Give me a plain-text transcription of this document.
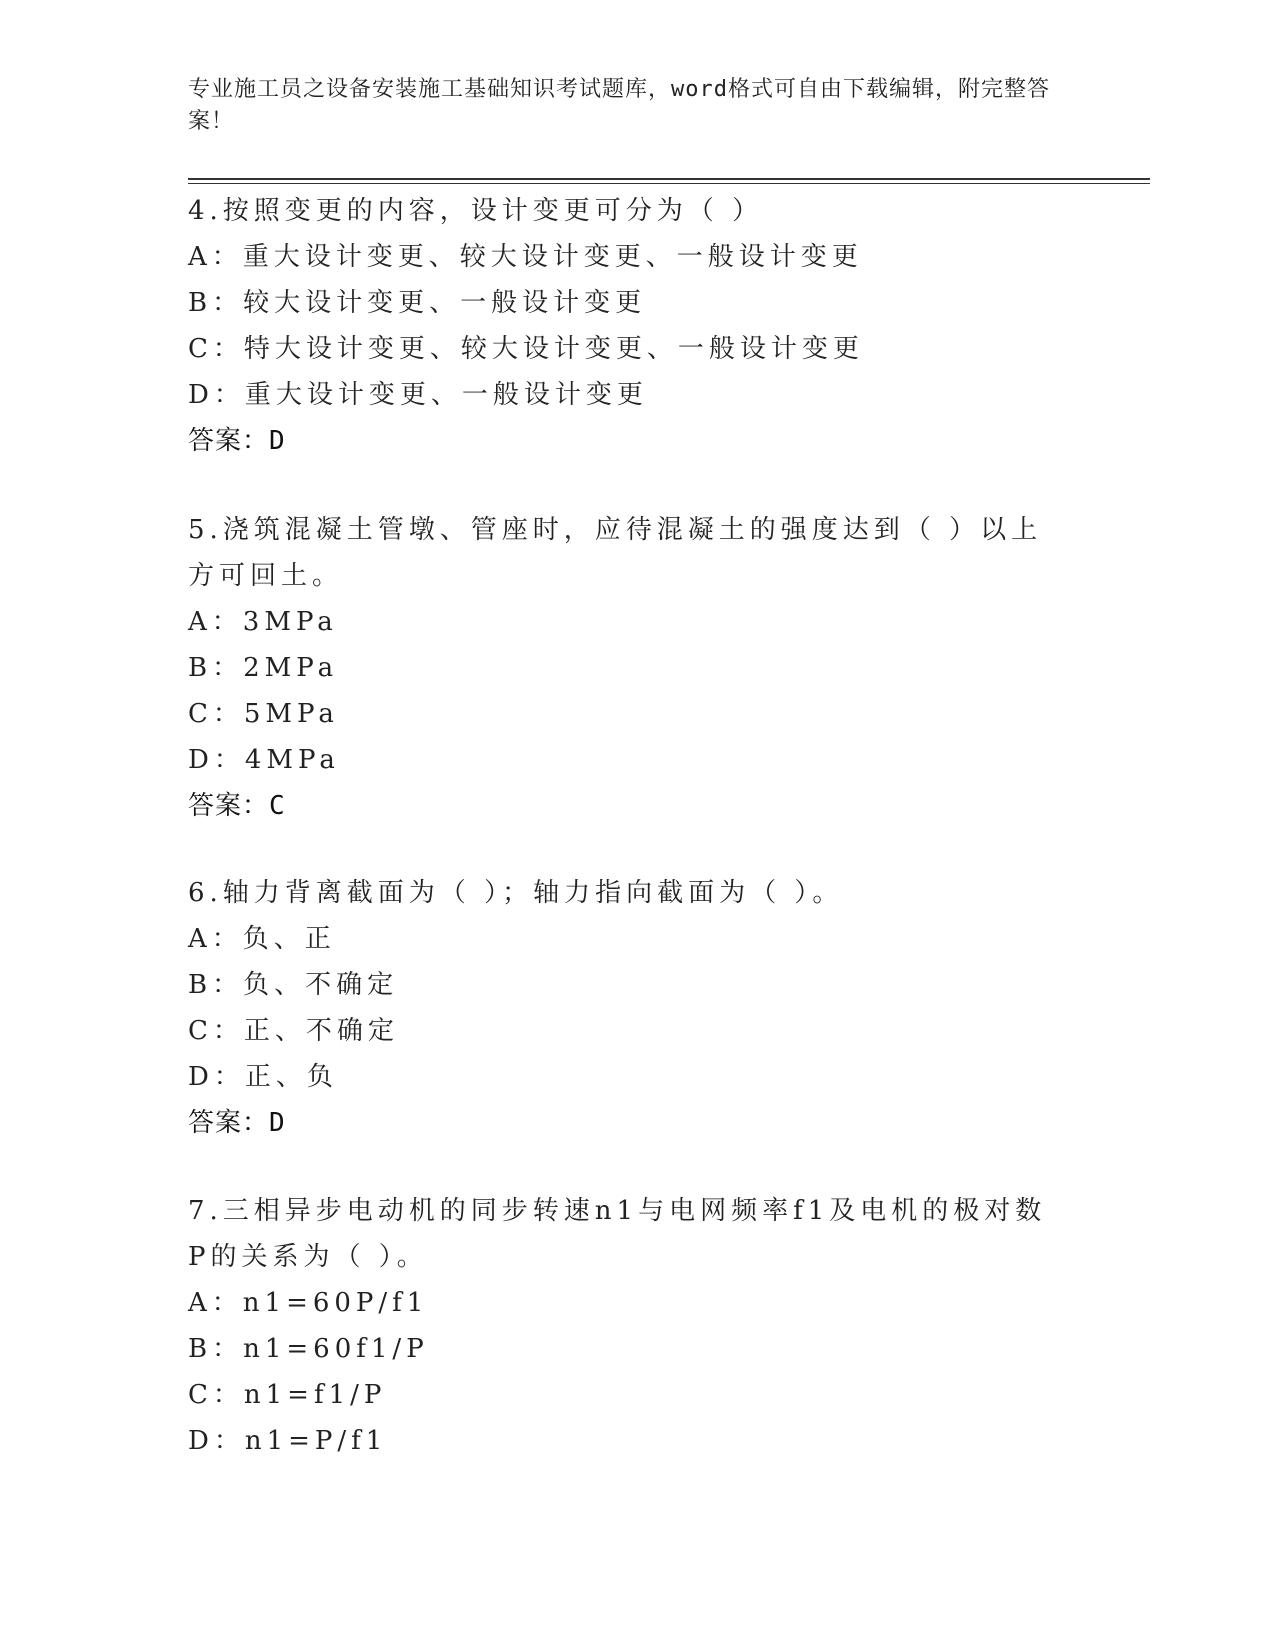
专业施工员之设备安装施工基础知识考试题库，word格式可自由下载编辑，附完整答案！
4.按照变更的内容，设计变更可分为（ ）
A：重大设计变更、较大设计变更、一般设计变更
B：较大设计变更、一般设计变更
C：特大设计变更、较大设计变更、一般设计变更
D：重大设计变更、一般设计变更
答案：D
5.浇筑混凝土管墩、管座时，应待混凝土的强度达到（ ）以上方可回土。
A：3MPa
B：2MPa
C：5MPa
D：4MPa
答案：C
6.轴力背离截面为（ ）；轴力指向截面为（ ）。
A：负、正
B：负、不确定
C：正、不确定
D：正、负
答案：D
7.三相异步电动机的同步转速n1与电网频率f1及电机的极对数P的关系为（ ）。
A：n1=60P/f1
B：n1=60f1/P
C：n1=f1/P
D：n1=P/f1
